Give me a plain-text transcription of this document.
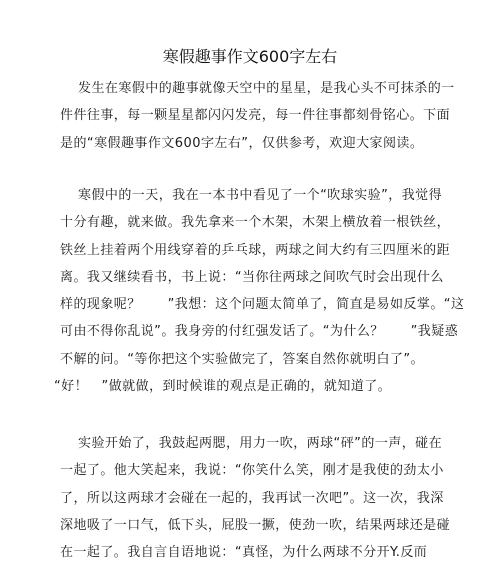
寒假趣事作文600字左右
发生在寒假中的趣事就像天空中的星星，是我心头不可抹杀的一
件件往事，每一颗星星都闪闪发亮，每一件往事都刻骨铭心。下面
是的“寒假趣事作文600字左右”，仅供参考，欢迎大家阅读。
寒假中的一天，我在一本书中看见了一个“吹球实验”，我觉得
十分有趣，就来做。我先拿来一个木架，木架上横放着一根铁丝，
铁丝上挂着两个用线穿着的乒乓球，两球之间大约有三四厘米的距
离。我又继续看书，书上说：“当你往两球之间吹气时会出现什么
样的现象呢？　　”我想：这个问题太简单了，简直是易如反掌。“这
可由不得你乱说”。我身旁的付红强发话了。“为什么？　　”我疑惑
不解的问。“等你把这个实验做完了，答案自然你就明白了”。
“好！　”做就做，到时候谁的观点是正确的，就知道了。
实验开始了，我鼓起两腮，用力一吹，两球“砰”的一声，碰在
一起了。他大笑起来，我说：“你笑什么笑，刚才是我使的劲太小
了，所以这两球才会碰在一起的，我再试一次吧”。这一次，我深
深地吸了一口气，低下头，屁股一撅，使劲一吹，结果两球还是碰
在一起了。我自言自语地说：“真怪，为什么两球不分开Y.反而
